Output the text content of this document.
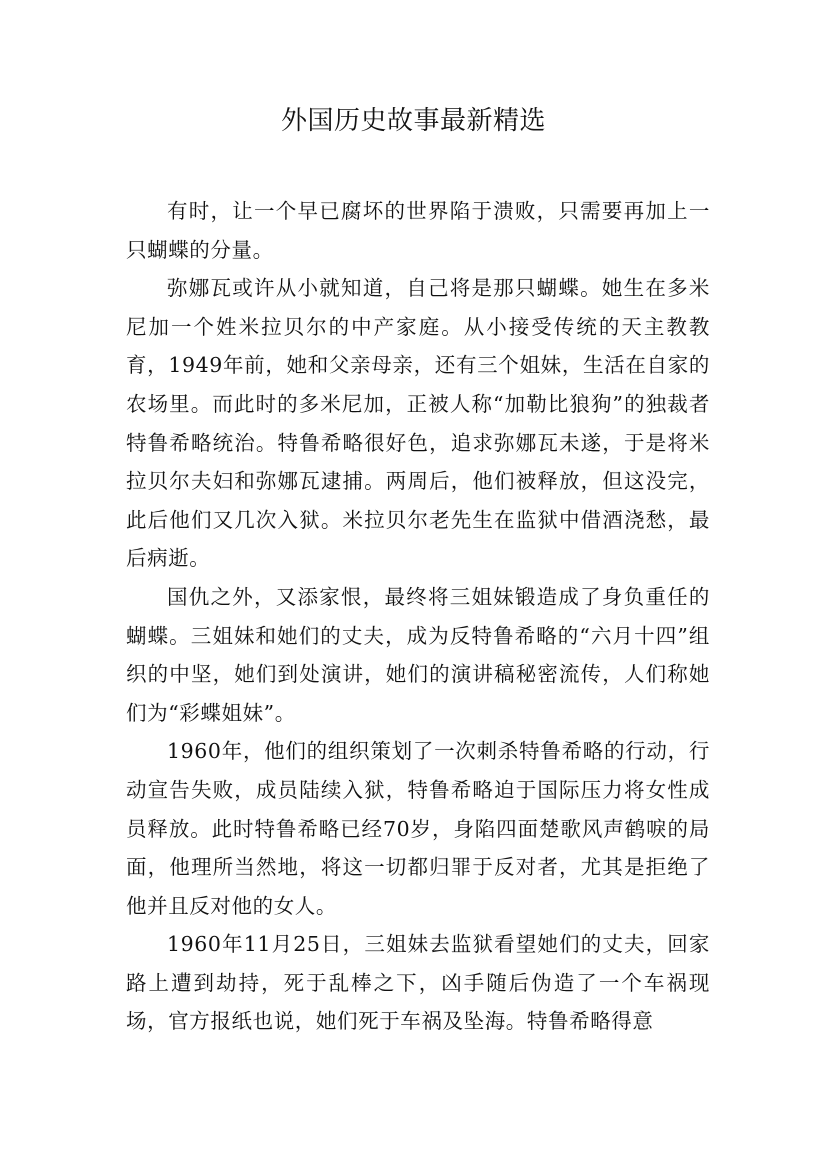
外国历史故事最新精选

有时，让一个早已腐坏的世界陷于溃败，只需要再加上一只蝴蝶的分量。

弥娜瓦或许从小就知道，自己将是那只蝴蝶。她生在多米尼加一个姓米拉贝尔的中产家庭。从小接受传统的天主教教育，1949年前，她和父亲母亲，还有三个姐妹，生活在自家的农场里。而此时的多米尼加，正被人称“加勒比狼狗”的独裁者特鲁希略统治。特鲁希略很好色，追求弥娜瓦未遂，于是将米拉贝尔夫妇和弥娜瓦逮捕。两周后，他们被释放，但这没完，此后他们又几次入狱。米拉贝尔老先生在监狱中借酒浇愁，最后病逝。

国仇之外，又添家恨，最终将三姐妹锻造成了身负重任的蝴蝶。三姐妹和她们的丈夫，成为反特鲁希略的“六月十四”组织的中坚，她们到处演讲，她们的演讲稿秘密流传，人们称她们为“彩蝶姐妹”。

1960年，他们的组织策划了一次刺杀特鲁希略的行动，行动宣告失败，成员陆续入狱，特鲁希略迫于国际压力将女性成员释放。此时特鲁希略已经70岁，身陷四面楚歌风声鹤唳的局面，他理所当然地，将这一切都归罪于反对者，尤其是拒绝了他并且反对他的女人。

1960年11月25日，三姐妹去监狱看望她们的丈夫，回家路上遭到劫持，死于乱棒之下，凶手随后伪造了一个车祸现场，官方报纸也说，她们死于车祸及坠海。特鲁希略得意
